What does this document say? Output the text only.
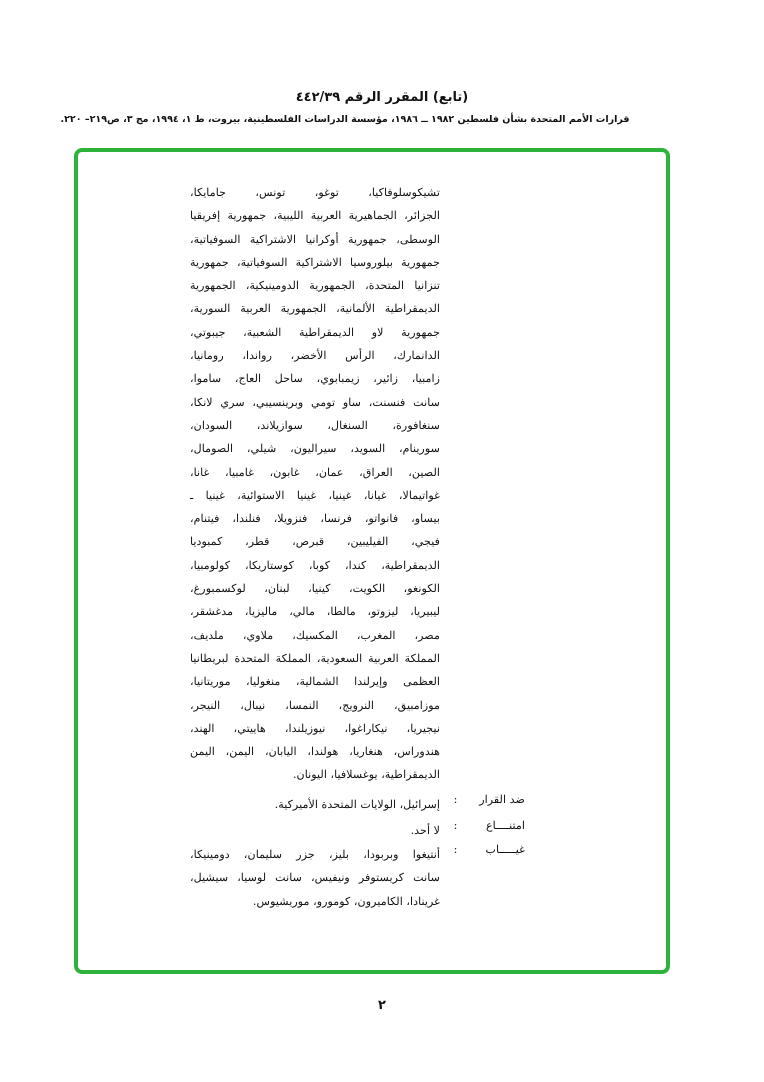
(تابع) المقرر الرقم ٤٤٢/٣٩
قرارات الأمم المتحدة بشأن فلسطين ١٩٨٢ ــ ١٩٨٦، مؤسسة الدراسات الفلسطينية، بيروت، ط ١، ١٩٩٤، مج ٣، ص٢١٩– ٢٢٠.
تشيكوسلوفاكيا، توغو، تونس، جامايكا،
الجزائر، الجماهيرية العربية الليبية، جمهورية إفريقيا
الوسطى، جمهورية أوكرانيا الاشتراكية السوفياتية،
جمهورية بيلوروسيا الاشتراكية السوفياتية، جمهورية
تنزانيا المتحدة، الجمهورية الدومينيكية، الجمهورية
الديمقراطية الألمانية، الجمهورية العربية السورية،
جمهورية لاو الديمقراطية الشعبية، جيبوتي،
الدانمارك، الرأس الأخضر، رواندا، رومانيا،
زامبيا، زائير، زيمبابوي، ساحل العاج، ساموا،
سانت فنسنت، ساو تومي وبرينسيبي، سري لانكا،
سنغافورة، السنغال، سوازيلاند، السودان،
سورينام، السويد، سيراليون، شيلي، الصومال،
الصين، العراق، عمان، غابون، غامبيا، غانا،
غواتيمالا، غيانا، غينيا، غينيا الاستوائية، غينيا ـ
بيساو، فانواتو، فرنسا، فنزويلا، فنلندا، فيتنام،
فيجي، الفيليبين، قبرص، قطر، كمبوديا
الديمقراطية، كندا، كوبا، كوستاريكا، كولومبيا،
الكونغو، الكويت، كينيا، لبنان، لوكسمبورغ،
ليبيريا، ليزوتو، مالطا، مالي، ماليزيا، مدغشقر،
مصر، المغرب، المكسيك، ملاوي، ملديف،
المملكة العربية السعودية، المملكة المتحدة لبريطانيا
العظمى وإيرلندا الشمالية، منغوليا، موريتانيا،
موزامبيق، النرويج، النمسا، نيبال، النيجر،
نيجيريا، نيكاراغوا، نيوزيلندا، هاييتي، الهند،
هندوراس، هنغاريا، هولندا، اليابان، اليمن، اليمن
الديمقراطية، يوغسلافيا، اليونان.
ضد القرار
:
إسرائيل، الولايات المتحدة الأميركية.
امتنــــاع
:
لا أحد.
غيـــــاب
:
أنتيغوا وبربودا، بليز، جزر سليمان، دومينيكا،
سانت كريستوفر ونيفيس، سانت لوسيا، سيشيل،
غرينادا، الكاميرون، كومورو، موريشيوس.
٢
